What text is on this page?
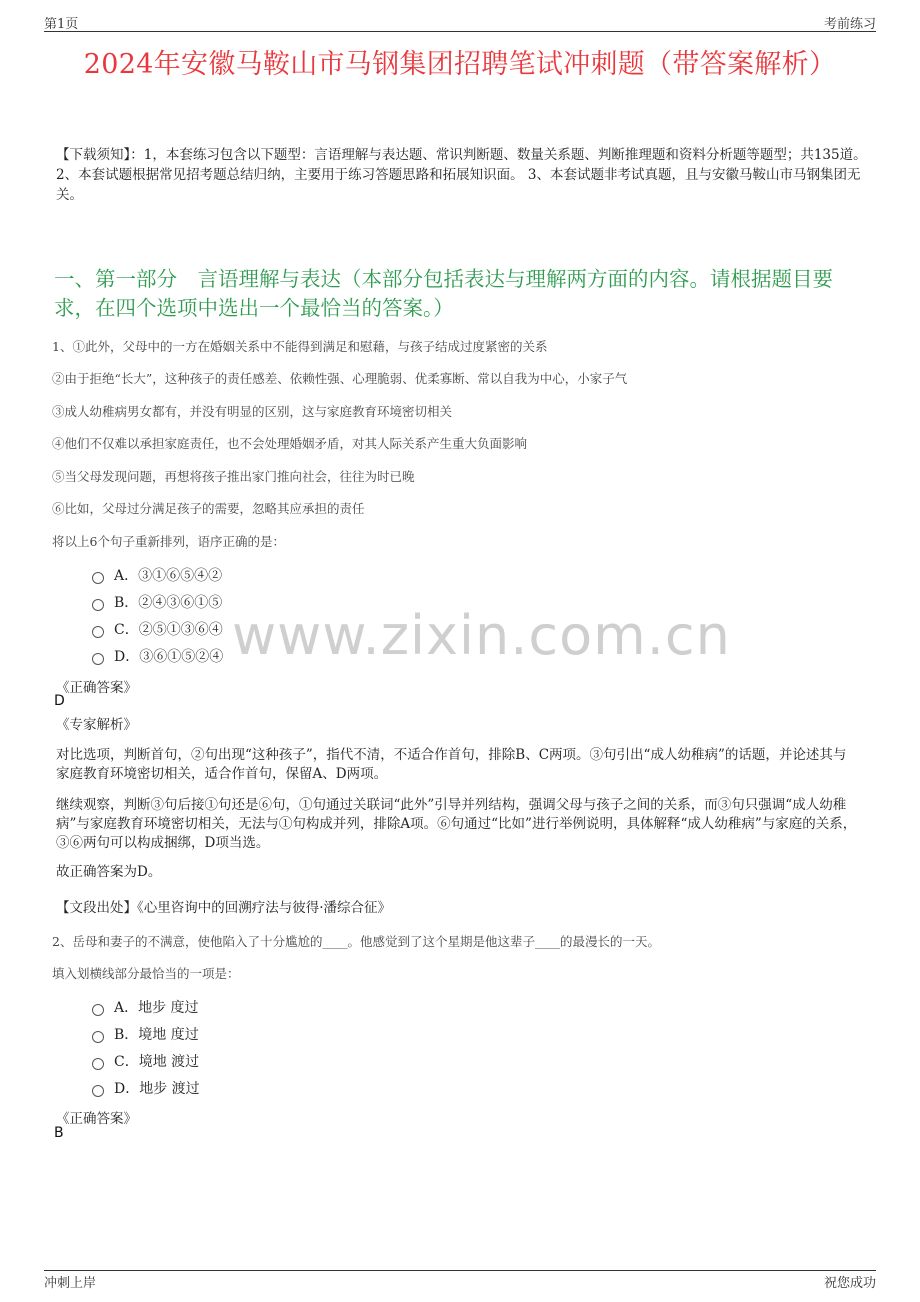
第1页	考前练习
2024年安徽马鞍山市马钢集团招聘笔试冲刺题（带答案解析）
【下载须知】：1，本套练习包含以下题型：言语理解与表达题、常识判断题、数量关系题、判断推理题和资料分析题等题型；共135道。 2、本套试题根据常见招考题总结归纳，主要用于练习答题思路和拓展知识面。 3、本套试题非考试真题，且与安徽马鞍山市马钢集团无关。
一、第一部分　言语理解与表达（本部分包括表达与理解两方面的内容。请根据题目要求，在四个选项中选出一个最恰当的答案。）
www.zixin.com.cn
1、①此外，父母中的一方在婚姻关系中不能得到满足和慰藉，与孩子结成过度紧密的关系
②由于拒绝“长大”，这种孩子的责任感差、依赖性强、心理脆弱、优柔寡断、常以自我为中心，小家子气
③成人幼稚病男女都有，并没有明显的区别，这与家庭教育环境密切相关
④他们不仅难以承担家庭责任，也不会处理婚姻矛盾，对其人际关系产生重大负面影响
⑤当父母发现问题，再想将孩子推出家门推向社会，往往为时已晚
⑥比如，父母过分满足孩子的需要，忽略其应承担的责任
将以上6个句子重新排列，语序正确的是：
A．③①⑥⑤④②
B．②④③⑥①⑤
C．②⑤①③⑥④
D．③⑥①⑤②④
《正确答案》
D
《专家解析》
对比选项，判断首句，②句出现“这种孩子”，指代不清，不适合作首句，排除B、C两项。③句引出“成人幼稚病”的话题，并论述其与家庭教育环境密切相关，适合作首句，保留A、D两项。
继续观察，判断③句后接①句还是⑥句，①句通过关联词“此外”引导并列结构，强调父母与孩子之间的关系，而③句只强调“成人幼稚病”与家庭教育环境密切相关，无法与①句构成并列，排除A项。⑥句通过“比如”进行举例说明，具体解释“成人幼稚病”与家庭的关系，③⑥两句可以构成捆绑，D项当选。
故正确答案为D。
【文段出处】《心里咨询中的回溯疗法与彼得·潘综合征》
2、岳母和妻子的不满意，使他陷入了十分尴尬的____。他感觉到了这个星期是他这辈子____的最漫长的一天。
填入划横线部分最恰当的一项是：
A．地步 度过
B．境地 度过
C．境地 渡过
D．地步 渡过
《正确答案》
B
冲刺上岸	祝您成功
